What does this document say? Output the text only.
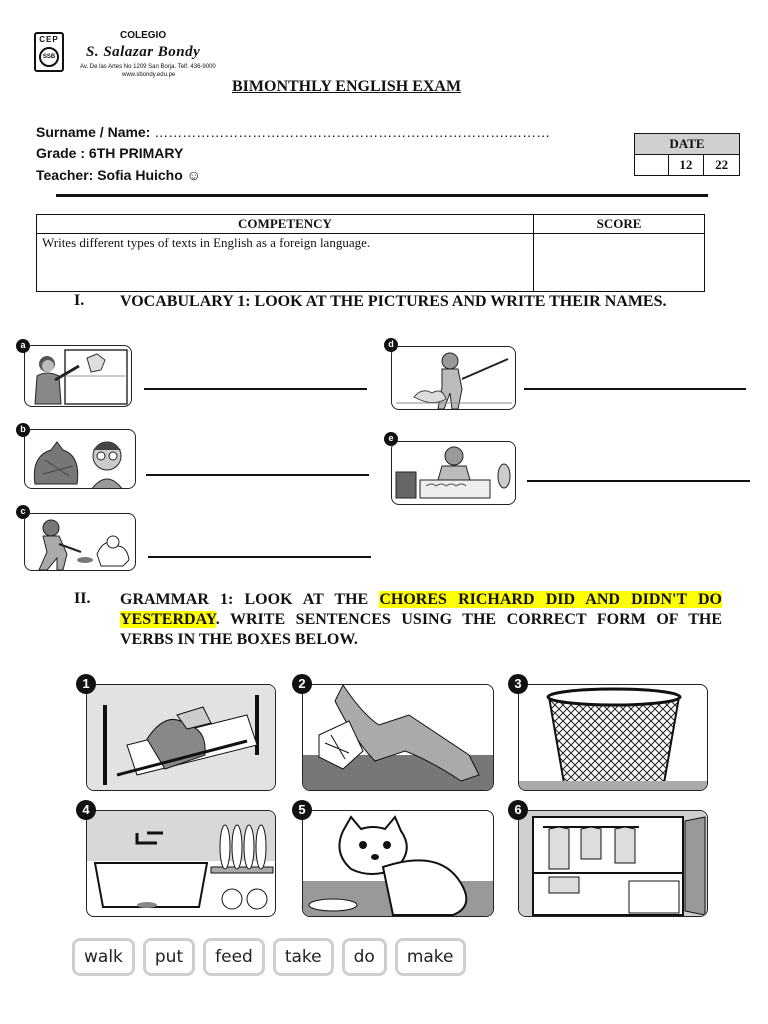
CEP
SSB
COLEGIO
S. Salazar Bondy
Av. De las Artes No 1209 San Borja. Telf. 436-9000
www.sbondy.edu.pe
BIMONTHLY ENGLISH EXAM
Surname / Name: ………………………………………………………………….………
Grade : 6TH PRIMARY
Teacher: Sofia Huicho ☺
DATE
	12	22
COMPETENCY	SCORE
Writes different types of texts in English as a foreign language.	
I. VOCABULARY 1: LOOK AT THE PICTURES AND WRITE THEIR NAMES.
a
b
c
d
e
II. GRAMMAR 1: LOOK AT THE CHORES RICHARD DID AND DIDN'T DO YESTERDAY. WRITE SENTENCES USING THE CORRECT FORM OF THE VERBS IN THE BOXES BELOW.
1	2	3
4	5	6
walk	put	feed	take	do	make
